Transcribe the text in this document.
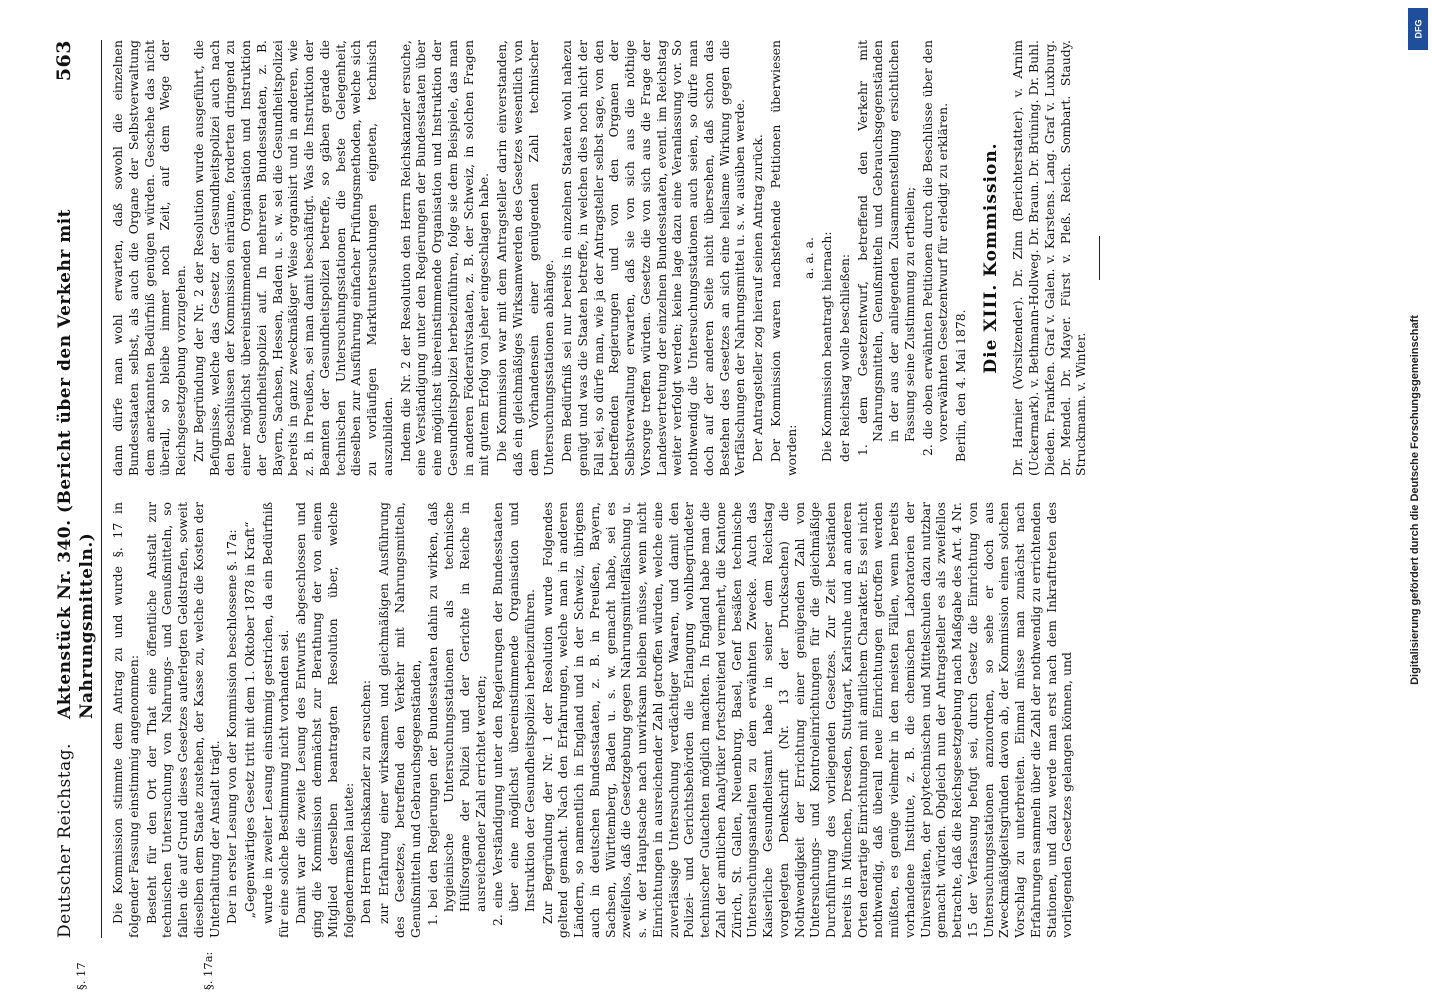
Deutscher Reichstag.
Aktenstück Nr. 340. (Bericht über den Verkehr mit Nahrungsmitteln.)
563

Die Kommission stimmte dem Antrag zu und wurde §. 17 in folgender Fassung einstimmig angenommen: Besteht für den Ort der That eine öffentliche Anstalt zur technischen Untersuchung von Nahrungs- und Genußmitteln, so fallen die auf Grund dieses Gesetzes auferlegten Geldstrafen, soweit dieselben dem Staate zustehen, der Kasse zu, welche die Kosten der Unterhaltung der Anstalt trägt. Der in erster Lesung von der Kommission beschlossene §. 17a: „Gegenwärtiges Gesetz tritt mit dem 1. Oktober 1878 in Kraft“ wurde in zweiter Lesung einstimmig gestrichen, da ein Bedürfniß für eine solche Bestimmung nicht vorhanden sei. Damit war die zweite Lesung des Entwurfs abgeschlossen und ging die Kommission demnächst zur Berathung der von einem Mitglied derselben beantragten Resolution über, welche folgendermaßen lautete: Den Herrn Reichskanzler zu ersuchen: zur Erfahrung einer wirksamen und gleichmäßigen Ausführung des Gesetzes, betreffend den Verkehr mit Nahrungsmitteln, Genußmitteln und Gebrauchsgegenständen, 1. bei den Regierungen der Bundesstaaten dahin zu wirken, daß hygieinische Untersuchungsstationen als technische Hülfsorgane der Polizei und der Gerichte in Reiche in ausreichender Zahl errichtet werden; 2. eine Verständigung unter den Regierungen der Bundesstaaten über eine möglichst übereinstimmende Organisation und Instruktion der Gesundheitspolizei herbeizuführen. Zur Begründung der Nr. 1 der Resolution wurde Folgendes geltend gemacht. Nach den Erfahrungen, welche man in anderen Ländern, so namentlich in England und in der Schweiz, übrigens auch in deutschen Bundesstaaten, z. B. in Preußen, Bayern, Sachsen, Württemberg, Baden u. s. w. gemacht habe, sei es zweifellos, daß die Gesetzgebung gegen Nahrungsmittelfälschung u. s. w. der Hauptsache nach unwirksam bleiben müsse, wenn nicht Einrichtungen in ausreichender Zahl getroffen würden, welche eine zuverlässige Untersuchung verdächtiger Waaren, und damit den Polizei- und Gerichtsbehörden die Erlangung wohlbegründeter technischer Gutachten möglich machten. In England habe man die Zahl der amtlichen Analytiker fortschreitend vermehrt, die Kantone Zürich, St. Gallen, Neuenburg, Basel, Genf besäßen technische Untersuchungsanstalten zu dem erwähnten Zwecke. Auch das Kaiserliche Gesundheitsamt habe in seiner dem Reichstag vorgelegten Denkschrift (Nr. 13 der Drucksachen) die Nothwendigkeit der Errichtung einer genügenden Zahl von Untersuchungs- und Kontroleinrichtungen für die gleichmäßige Durchführung des vorliegenden Gesetzes. Zur Zeit beständen bereits in München, Dresden, Stuttgart, Karlsruhe und an anderen Orten derartige Einrichtungen mit amtlichem Charakter. Es sei nicht nothwendig, daß überall neue Einrichtungen getroffen werden müßten, es genüge vielmehr in den meisten Fällen, wenn bereits vorhandene Institute, z. B. die chemischen Laboratorien der Universitäten, der polytechnischen und Mittelschulen dazu nutzbar gemacht würden. Obgleich nun der Antragsteller es als zweifellos betrachte, daß die Reichsgesetzgebung nach Maßgabe des Art. 4 Nr. 15 der Verfassung befugt sei, durch Gesetz die Einrichtung von Untersuchungsstationen anzuordnen, so sehe er doch aus Zweckmäßigkeitsgründen davon ab, der Kommission einen solchen Vorschlag zu unterbreiten. Einmal müsse man zunächst nach Erfahrungen sammeln über die Zahl der nothwendig zu errichtenden Stationen, und dazu werde man erst nach dem Inkrafttreten des vorliegenden Gesetzes gelangen können, und

dann dürfe man wohl erwarten, daß sowohl die einzelnen Bundesstaaten selbst, als auch die Organe der Selbstverwaltung dem anerkannten Bedürfniß genügen würden. Geschehe das nicht überall, so bleibe immer noch Zeit, auf dem Wege der Reichsgesetzgebung vorzugehen. Zur Begründung der Nr. 2 der Resolution wurde ausgeführt, die Befugnisse, welche das Gesetz der Gesundheitspolizei auch nach den Beschlüssen der Kommission einräume, forderten dringend zu einer möglichst übereinstimmenden Organisation und Instruktion der Gesundheitspolizei auf. In mehreren Bundesstaaten, z. B. Bayern, Sachsen, Hessen, Baden u. s. w. sei die Gesundheitspolizei bereits in ganz zweckmäßiger Weise organisirt und in anderen, wie z. B. in Preußen, sei man damit beschäftigt. Was die Instruktion der Beamten der Gesundheitspolizei betreffe, so gäben gerade die technischen Untersuchungsstationen die beste Gelegenheit, dieselben zur Ausführung einfacher Prüfungsmethoden, welche sich zu vorläufigen Marktuntersuchungen eigneten, technisch auszubilden. Indem die Nr. 2 der Resolution den Herrn Reichskanzler ersuche, eine Verständigung unter den Regierungen der Bundesstaaten über eine möglichst übereinstimmende Organisation und Instruktion der Gesundheitspolizei herbeizuführen, folge sie dem Beispiele, das man in anderen Föderativstaaten, z. B. der Schweiz, in solchen Fragen mit gutem Erfolg von jeher eingeschlagen habe. Die Kommission war mit dem Antragsteller darin einverstanden, daß ein gleichmäßiges Wirksamwerden des Gesetzes wesentlich von dem Vorhandensein einer genügenden Zahl technischer Untersuchungsstationen abhänge. Dem Bedürfniß sei nur bereits in einzelnen Staaten wohl nahezu genügt und was die Staaten betreffe, in welchen dies noch nicht der Fall sei, so dürfe man, wie ja der Antragsteller selbst sage, von den betreffenden Regierungen und von den Organen der Selbstverwaltung erwarten, daß sie von sich aus die nöthige Vorsorge treffen würden. Gesetze die von sich aus die Frage der Landesvertretung der einzelnen Bundesstaaten, eventl. im Reichstag weiter verfolgt werden; keine lage dazu eine Veranlassung vor. So nothwendig die Untersuchungsstationen auch seien, so dürfe man doch auf der anderen Seite nicht übersehen, daß schon das Bestehen des Gesetzes an sich eine heilsame Wirkung gegen die Verfälschungen der Nahrungsmittel u. s. w. ausüben werde. Der Antragsteller zog hierauf seinen Antrag zurück. Der Kommission waren nachstehende Petitionen überwiesen worden:

a. a. a. Die Kommission beantragt hiernach: der Reichstag wolle beschließen: 1. dem Gesetzentwurf, betreffend den Verkehr mit Nahrungsmitteln, Genußmitteln und Gebrauchsgegenständen in der aus der anliegenden Zusammenstellung ersichtlichen Fassung seine Zustimmung zu ertheilen; 2. die oben erwähnten Petitionen durch die Beschlüsse über den vorerwähnten Gesetzentwurf für erledigt zu erklären. Berlin, den 4. Mai 1878.

Die XIII. Kommission. Dr. Harnier (Vorsitzender). Dr. Zinn (Berichterstatter). v. Arnim (Uckermark). v. Bethmann-Hollweg. Dr. Braun. Dr. Brüning. Dr. Buhl. Dieden. Frankfen. Graf v. Galen. v. Karstens. Lang. Graf v. Luxburg. Dr. Mendel. Dr. Mayer. Fürst v. Pleß. Reich. Sombart. Staudy. Struckmann. v. Winter.

§. 17	§. 17a:
DFG
Digitalisierung gefördert durch die Deutsche Forschungsgemeinschaft
